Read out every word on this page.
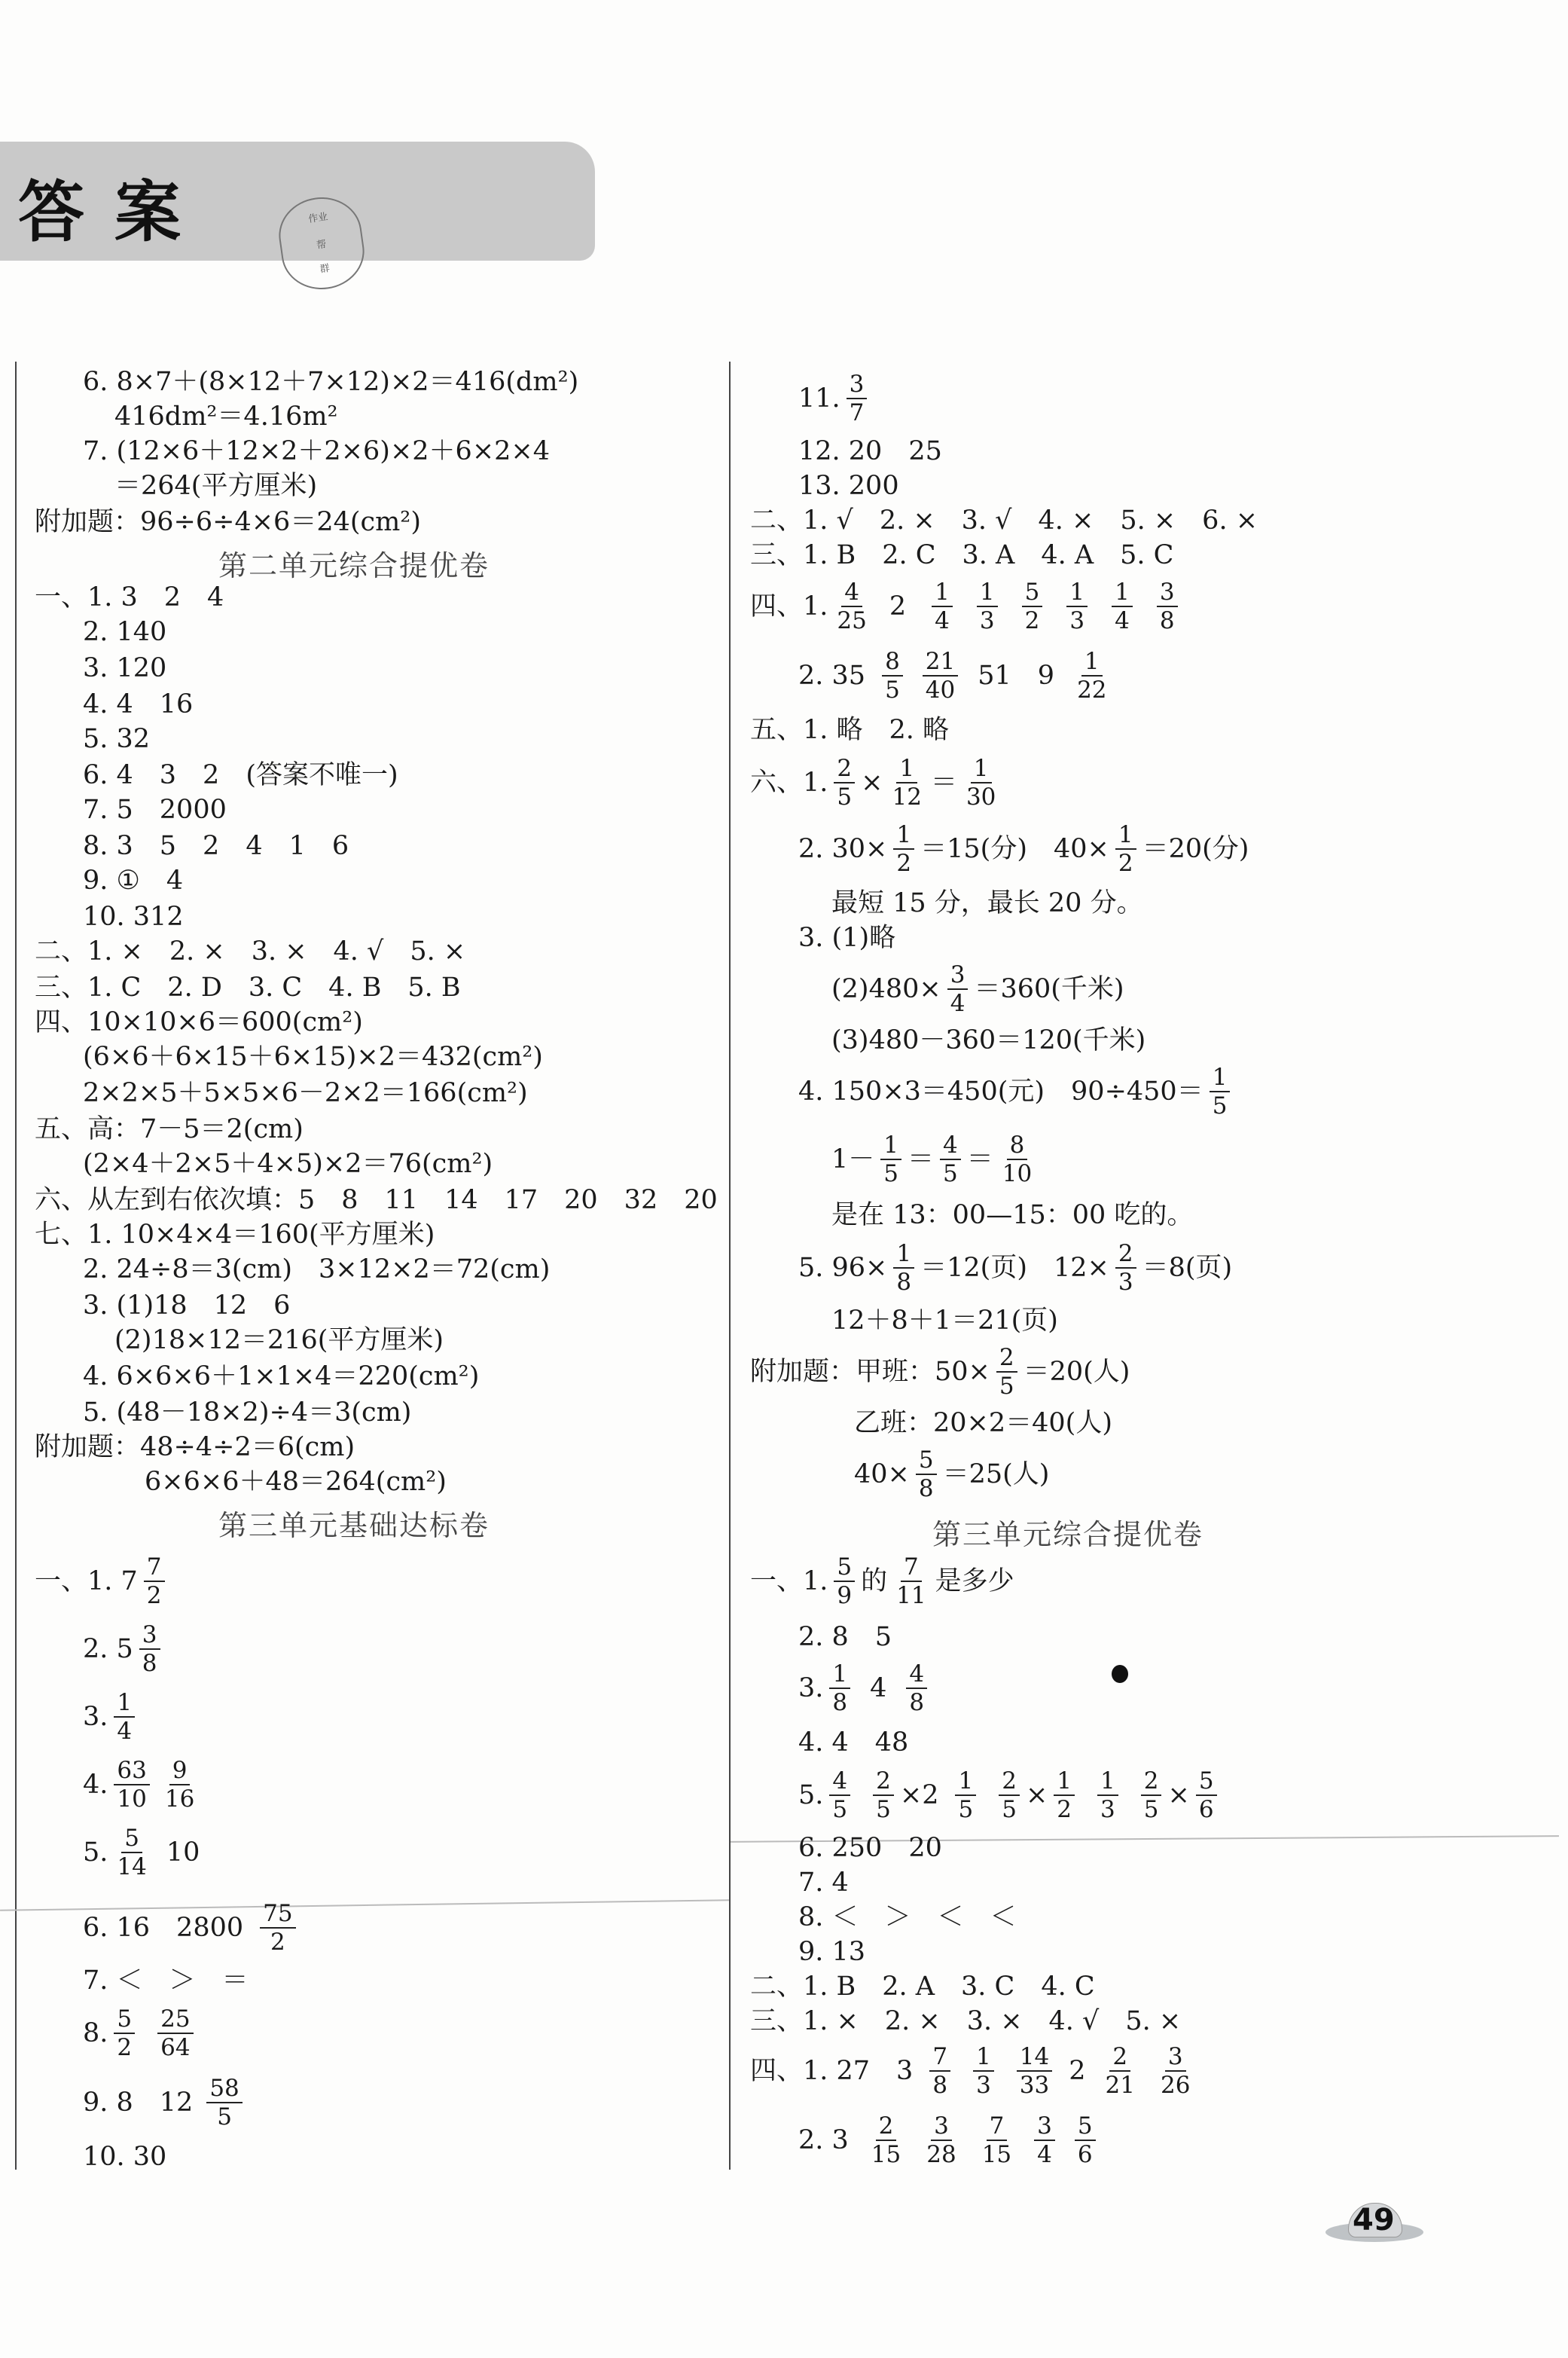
答案	作业
帮
群
6. 8×7＋(8×12＋7×12)×2＝416(dm²)
416dm²＝4.16m²
7. (12×6＋12×2＋2×6)×2＋6×2×4
＝264(平方厘米)
附加题：96÷6÷4×6＝24(cm²)
第二单元综合提优卷
一、1. 3　2　4
2. 140
3. 120
4. 4　16
5. 32
6. 4　3　2　(答案不唯一)
7. 5　2000
8. 3　5　2　4　1　6
9. ①　4
10. 312
二、1. ×　2. ×　3. ×　4. √　5. ×
三、1. C　2. D　3. C　4. B　5. B
四、10×10×6＝600(cm²)
(6×6＋6×15＋6×15)×2＝432(cm²)
2×2×5＋5×5×6－2×2＝166(cm²)
五、高：7－5＝2(cm)
(2×4＋2×5＋4×5)×2＝76(cm²)
六、从左到右依次填：5　8　11　14　17　20　32　20
七、1. 10×4×4＝160(平方厘米)
2. 24÷8＝3(cm)　3×12×2＝72(cm)
3. (1)18　12　6
(2)18×12＝216(平方厘米)
4. 6×6×6＋1×1×4＝220(cm²)
5. (48－18×2)÷4＝3(cm)
附加题：48÷4÷2＝6(cm)
6×6×6＋48＝264(cm²)
第三单元基础达标卷
一、1. 7 7
2
2. 5 3
8
3. 1
4
4. 63
10
9
16
5. 5
14 10
6. 16　2800 75
2
7. ＜　＞　＝
8. 5
2
25
64
9. 8　12 58
5
10. 30
11. 3
7
12. 20　25
13. 200
二、1. √　2. ×　3. √　4. ×　5. ×　6. ×
三、1. B　2. C　3. A　4. A　5. C
四、1. 4
25 2 1
4
1
3
5
2
1
3
1
4
3
8
2. 35 8
5
21
40 51　9 1
22
五、1. 略　2. 略
六、1. 2
5 × 1
12 ＝ 1
30
2. $30\times \frac{1}{2} =15$(分)　$40\times \frac{1}{2} =20$(分)
最短 15 分，最长 20 分。
3. (1)略
$(2)480\times \frac{3}{4} =360$(千米)
(3)480－360＝120(千米)
4. 150×3＝450(元)　90÷450＝ 1
5
1－ 1
5 ＝ 4
5 ＝ 8
10
是在 13：00—15：00 吃的。
5. $96\times \frac{1}{8} =12$(页)　$12\times \frac{2}{3} =8$(页)
12＋8＋1＝21(页)
附加题：甲班：$50\times \frac{2}{5} =20$(人)
乙班：20×2＝40(人)
$40\times \frac{5}{8} =25$(人)
第三单元综合提优卷
一、1. 5
9 的 7
11 是多少
2. 8　5
3. 1
8 4 4
8
4. 4　48
5. 4
$5 \frac{2}{5} \times 2$ 1
5
2
5 × 1
2
1
3
2
5 × 5
6
6. 250　20
7. 4
8. ＜　＞　＜　＜
9. 13
二、1. B　2. A　3. C　4. C
三、1. ×　2. ×　3. ×　4. √　5. ×
四、1. 27　3 7
8
1
3
14
33 2 2
21
3
26
2. 3 2
15
3
28
7
15
3
4
5
6
49
